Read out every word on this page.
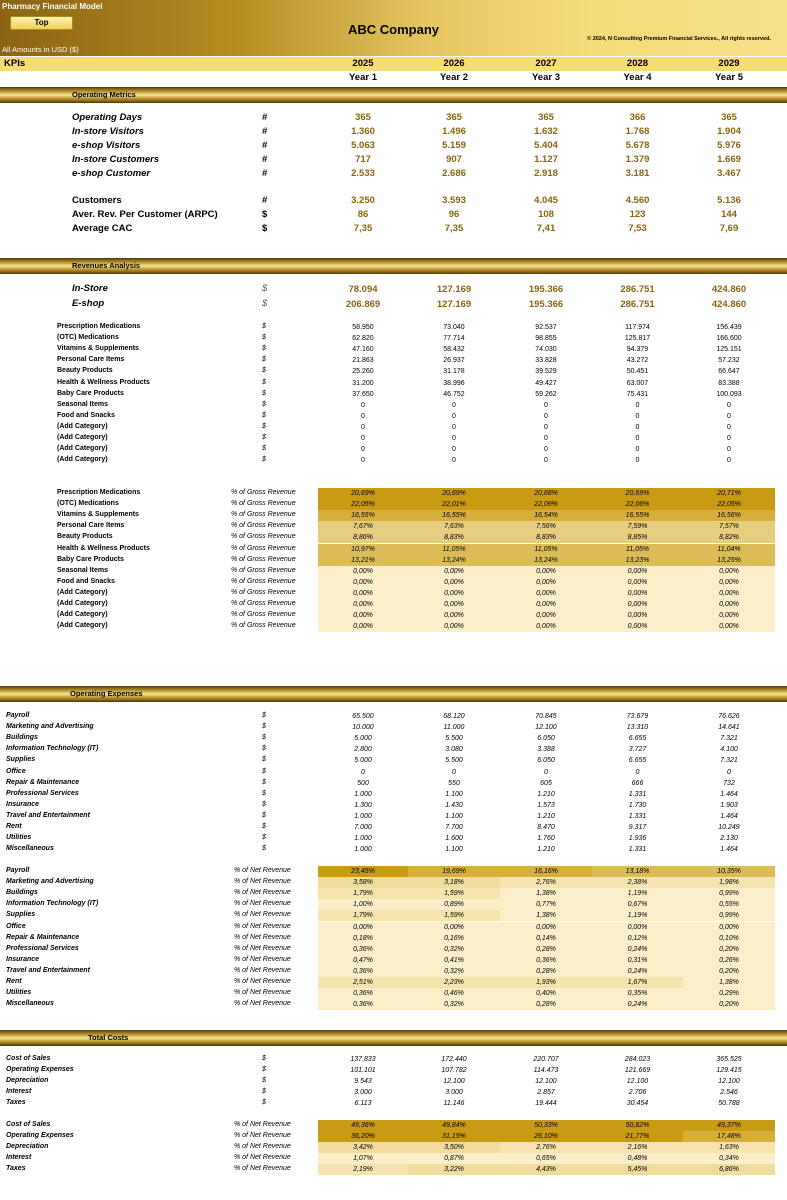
Pharmacy Financial Model
Top	ABC Company
© 2024, N Consulting Premium Financial Services., All rights reserved.
All Amounts in USD ($)
KPIs	2025	2026	2027	2028	2029
Year 1	Year 2	Year 3	Year 4	Year 5
Operating Metrics
Operating Days	#	365	365	365	366	365
In-store Visitors	#	1.360	1.496	1.632	1.768	1.904
e-shop Visitors	#	5.063	5.159	5.404	5.678	5.976
In-store Customers	#	717	907	1.127	1.379	1.669
e-shop Customer	#	2.533	2.686	2.918	3.181	3.467
Customers	#	3.250	3.593	4.045	4.560	5.136
Aver. Rev. Per Customer (ARPC)	$	86	96	108	123	144
Average CAC	$	7,35	7,35	7,41	7,53	7,69
Revenues Analysis
In-Store	$	78.094	127.169	195.366	286.751	424.860
E-shop	$	206.869	127.169	195.366	286.751	424.860
Prescription Medications	$	58.950	73.040	92.537	117.974	156.439
(OTC) Medications	$	62.820	77.714	98.855	125.817	166.600
Vitamins & Supplements	$	47.160	58.432	74.030	94.379	125.151
Personal Care Items	$	21.863	26.937	33.828	43.272	57.232
Beauty Products	$	25.260	31.178	39.529	50.451	66.647
Health & Wellness Products	$	31.200	38.996	49.427	63.007	83.388
Baby Care Products	$	37.650	46.752	59.262	75.431	100.093
Seasonal Items	$	0	0	0	0	0
Food and Snacks	$	0	0	0	0	0
(Add Category)	$	0	0	0	0	0
(Add Category)	$	0	0	0	0	0
(Add Category)	$	0	0	0	0	0
(Add Category)	$	0	0	0	0	0
Prescription Medications	% of Gross Revenue	20,69%	20,69%	20,68%	20,69%	20,71%
(OTC) Medications	% of Gross Revenue	22,05%	22,01%	22,09%	22,06%	22,05%
Vitamins & Supplements	% of Gross Revenue	16,55%	16,55%	16,54%	16,55%	16,56%
Personal Care Items	% of Gross Revenue	7,67%	7,63%	7,56%	7,59%	7,57%
Beauty Products	% of Gross Revenue	8,86%	8,83%	8,83%	8,85%	8,82%
Health & Wellness Products	% of Gross Revenue	10,97%	11,05%	11,05%	11,05%	11,04%
Baby Care Products	% of Gross Revenue	13,21%	13,24%	13,24%	13,23%	13,25%
Seasonal Items	% of Gross Revenue	0,00%	0,00%	0,00%	0,00%	0,00%
Food and Snacks	% of Gross Revenue	0,00%	0,00%	0,00%	0,00%	0,00%
(Add Category)	% of Gross Revenue	0,00%	0,00%	0,00%	0,00%	0,00%
(Add Category)	% of Gross Revenue	0,00%	0,00%	0,00%	0,00%	0,00%
(Add Category)	% of Gross Revenue	0,00%	0,00%	0,00%	0,00%	0,00%
(Add Category)	% of Gross Revenue	0,00%	0,00%	0,00%	0,00%	0,00%
Operating Expenses
Payroll	$	65.500	68.120	70.845	73.679	76.626
Marketing and Advertising	$	10.000	11.000	12.100	13.310	14.641
Buildings	$	5.000	5.500	6.050	6.655	7.321
Information Technology (IT)	$	2.800	3.080	3.388	3.727	4.100
Supplies	$	5.000	5.500	6.050	6.655	7.321
Office	$	0	0	0	0	0
Repair & Maintenance	$	500	550	605	666	732
Professional Services	$	1.000	1.100	1.210	1.331	1.464
Insurance	$	1.300	1.430	1.573	1.730	1.903
Travel and Entertainment	$	1.000	1.100	1.210	1.331	1.464
Rent	$	7.000	7.700	8.470	9.317	10.249
Utilities	$	1.000	1.600	1.760	1.936	2.130
Miscellaneous	$	1.000	1.100	1.210	1.331	1.464
Payroll	% of Net Revenue	23,45%	19,69%	16,16%	13,18%	10,35%
Marketing and Advertising	% of Net Revenue	3,58%	3,18%	2,76%	2,38%	1,98%
Buildings	% of Net Revenue	1,79%	1,59%	1,38%	1,19%	0,99%
Information Technology (IT)	% of Net Revenue	1,00%	0,89%	0,77%	0,67%	0,55%
Supplies	% of Net Revenue	1,79%	1,59%	1,38%	1,19%	0,99%
Office	% of Net Revenue	0,00%	0,00%	0,00%	0,00%	0,00%
Repair & Maintenance	% of Net Revenue	0,18%	0,16%	0,14%	0,12%	0,10%
Professional Services	% of Net Revenue	0,36%	0,32%	0,28%	0,24%	0,20%
Insurance	% of Net Revenue	0,47%	0,41%	0,36%	0,31%	0,26%
Travel and Entertainment	% of Net Revenue	0,36%	0,32%	0,28%	0,24%	0,20%
Rent	% of Net Revenue	2,51%	2,23%	1,93%	1,67%	1,38%
Utilities	% of Net Revenue	0,36%	0,46%	0,40%	0,35%	0,29%
Miscellaneous	% of Net Revenue	0,36%	0,32%	0,28%	0,24%	0,20%
Total Costs
Cost of Sales	$	137.833	172.440	220.707	284.023	365.525
Operating Expenses	$	101.101	107.782	114.473	121.669	129.415
Depreciation	$	9.543	12.100	12.100	12.100	12.100
Interest	$	3.000	3.000	2.857	2.706	2.546
Taxes	$	6.113	11.146	19.444	30.454	50.788
Cost of Sales	% of Net Revenue	49,36%	49,84%	50,33%	50,82%	49,37%
Operating Expenses	% of Net Revenue	36,20%	31,15%	26,10%	21,77%	17,48%
Depreciation	% of Net Revenue	3,42%	3,50%	2,76%	2,16%	1,63%
Interest	% of Net Revenue	1,07%	0,87%	0,65%	0,48%	0,34%
Taxes	% of Net Revenue	2,19%	3,22%	4,43%	5,45%	6,86%
